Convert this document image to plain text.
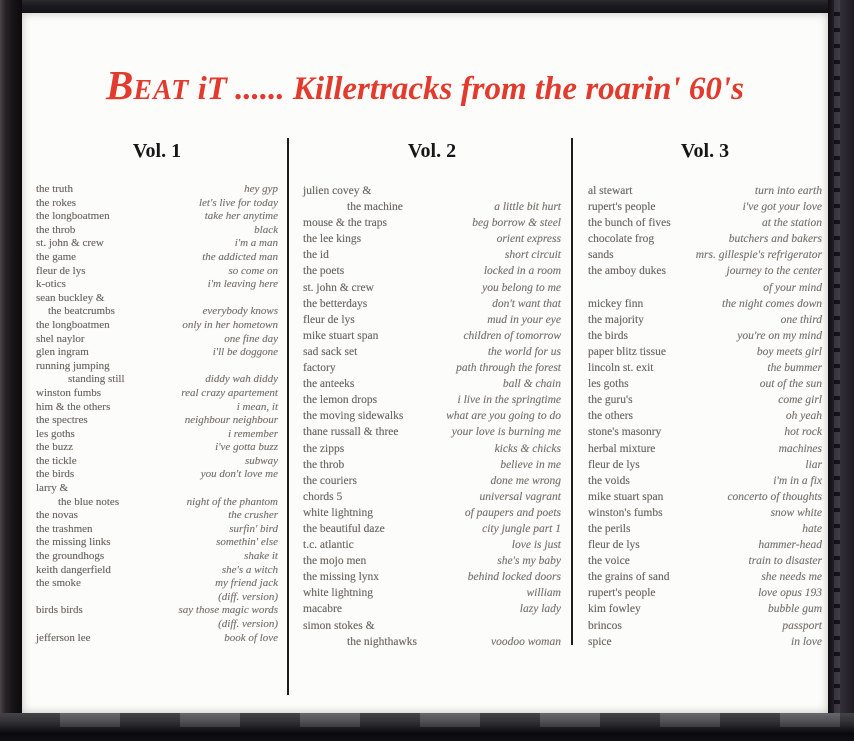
BEAT iT ...... Killertracks from the roarin' 60's
Vol. 1	Vol. 2	Vol. 3
the truth	hey gyp
the rokes	let's live for today
the longboatmen	take her anytime
the throb	black
st. john & crew	i'm a man
the game	the addicted man
fleur de lys	so come on
k-otics	i'm leaving here
sean buckley &
the beatcrumbs	everybody knows
the longboatmen	only in her hometown
shel naylor	one fine day
glen ingram	i'll be doggone
running jumping
standing still	diddy wah diddy
winston fumbs	real crazy apartement
him & the others	i mean, it
the spectres	neighbour neighbour
les goths	i remember
the buzz	i've gotta buzz
the tickle	subway
the birds	you don't love me
larry &
the blue notes	night of the phantom
the novas	the crusher
the trashmen	surfin' bird
the missing links	somethin' else
the groundhogs	shake it
keith dangerfield	she's a witch
the smoke	my friend jack
(diff. version)
birds birds	say those magic words
(diff. version)
jefferson lee	book of love
julien covey &
the machine	a little bit hurt
mouse & the traps	beg borrow & steel
the lee kings	orient express
the id	short circuit
the poets	locked in a room
st. john & crew	you belong to me
the betterdays	don't want that
fleur de lys	mud in your eye
mike stuart span	children of tomorrow
sad sack set	the world for us
factory	path through the forest
the anteeks	ball & chain
the lemon drops	i live in the springtime
the moving sidewalks	what are you going to do
thane russall & three	your love is burning me
the zipps	kicks & chicks
the throb	believe in me
the couriers	done me wrong
chords 5	universal vagrant
white lightning	of paupers and poets
the beautiful daze	city jungle part 1
t.c. atlantic	love is just
the mojo men	she's my baby
the missing lynx	behind locked doors
white lightning	william
macabre	lazy lady
simon stokes &
the nighthawks	voodoo woman
al stewart	turn into earth
rupert's people	i've got your love
the bunch of fives	at the station
chocolate frog	butchers and bakers
sands	mrs. gillespie's refrigerator
the amboy dukes	journey to the center
of your mind
mickey finn	the night comes down
the majority	one third
the birds	you're on my mind
paper blitz tissue	boy meets girl
lincoln st. exit	the bummer
les goths	out of the sun
the guru's	come girl
the others	oh yeah
stone's masonry	hot rock
herbal mixture	machines
fleur de lys	liar
the voids	i'm in a fix
mike stuart span	concerto of thoughts
winston's fumbs	snow white
the perils	hate
fleur de lys	hammer-head
the voice	train to disaster
the grains of sand	she needs me
rupert's people	love opus 193
kim fowley	bubble gum
brincos	passport
spice	in love
